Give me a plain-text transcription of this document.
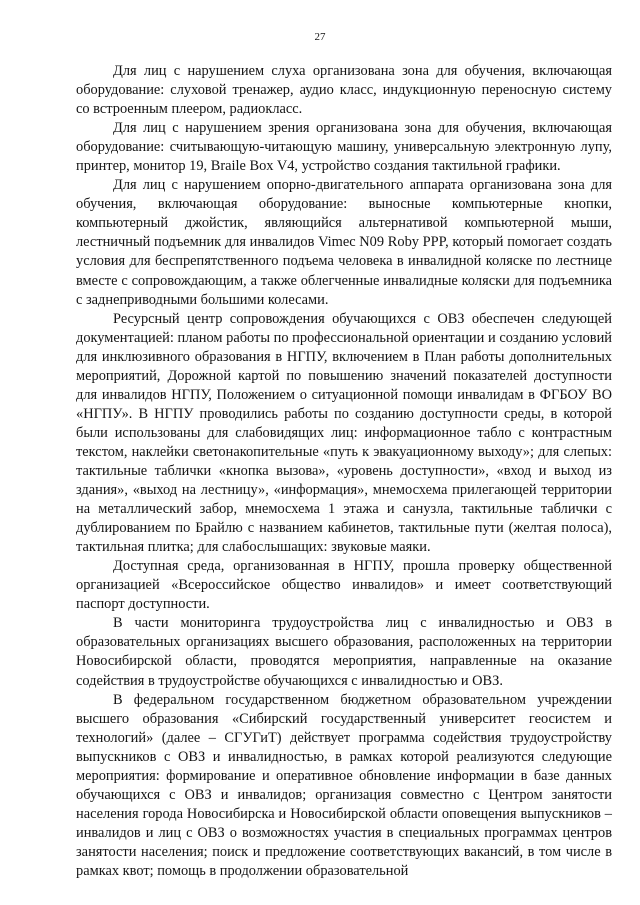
27

Для лиц с нарушением слуха организована зона для обучения, включающая оборудование: слуховой тренажер, аудио класс, индукционную переносную систему со встроенным плеером, радиокласс.

Для лиц с нарушением зрения организована зона для обучения, включающая оборудование: считывающую-читающую машину, универсальную электронную лупу, принтер, монитор 19, Braile Box V4, устройство создания тактильной графики.

Для лиц с нарушением опорно-двигательного аппарата организована зона для обучения, включающая оборудование: выносные компьютерные кнопки, компьютерный джойстик, являющийся альтернативой компьютерной мыши, лестничный подъемник для инвалидов Vimec N09 Roby PPP, который помогает создать условия для беспрепятственного подъема человека в инвалидной коляске по лестнице вместе с сопровождающим, а также облегченные инвалидные коляски для подъемника с заднеприводными большими колесами.

Ресурсный центр сопровождения обучающихся с ОВЗ обеспечен следующей документацией: планом работы по профессиональной ориентации и созданию условий для инклюзивного образования в НГПУ, включением в План работы дополнительных мероприятий, Дорожной картой по повышению значений показателей доступности для инвалидов НГПУ, Положением о ситуационной помощи инвалидам в ФГБОУ ВО «НГПУ». В НГПУ проводились работы по созданию доступности среды, в которой были использованы для слабовидящих лиц: информационное табло с контрастным текстом, наклейки светонакопительные «путь к эвакуационному выходу»; для слепых: тактильные таблички «кнопка вызова», «уровень доступности», «вход и выход из здания», «выход на лестницу», «информация», мнемосхема прилегающей территории на металлический забор, мнемосхема 1 этажа и санузла, тактильные таблички с дублированием по Брайлю с названием кабинетов, тактильные пути (желтая полоса), тактильная плитка; для слабослышащих: звуковые маяки.

Доступная среда, организованная в НГПУ, прошла проверку общественной организацией «Всероссийское общество инвалидов» и имеет соответствующий паспорт доступности.

В части мониторинга трудоустройства лиц с инвалидностью и ОВЗ в образовательных организациях высшего образования, расположенных на территории Новосибирской области, проводятся мероприятия, направленные на оказание содействия в трудоустройстве обучающихся с инвалидностью и ОВЗ.

В федеральном государственном бюджетном образовательном учреждении высшего образования «Сибирский государственный университет геосистем и технологий» (далее – СГУГиТ) действует программа содействия трудоустройству выпускников с ОВЗ и инвалидностью, в рамках которой реализуются следующие мероприятия: формирование и оперативное обновление информации в базе данных обучающихся с ОВЗ и инвалидов; организация совместно с Центром занятости населения города Новосибирска и Новосибирской области оповещения выпускников – инвалидов и лиц с ОВЗ о возможностях участия в специальных программах центров занятости населения; поиск и предложение соответствующих вакансий, в том числе в рамках квот; помощь в продолжении образовательной
